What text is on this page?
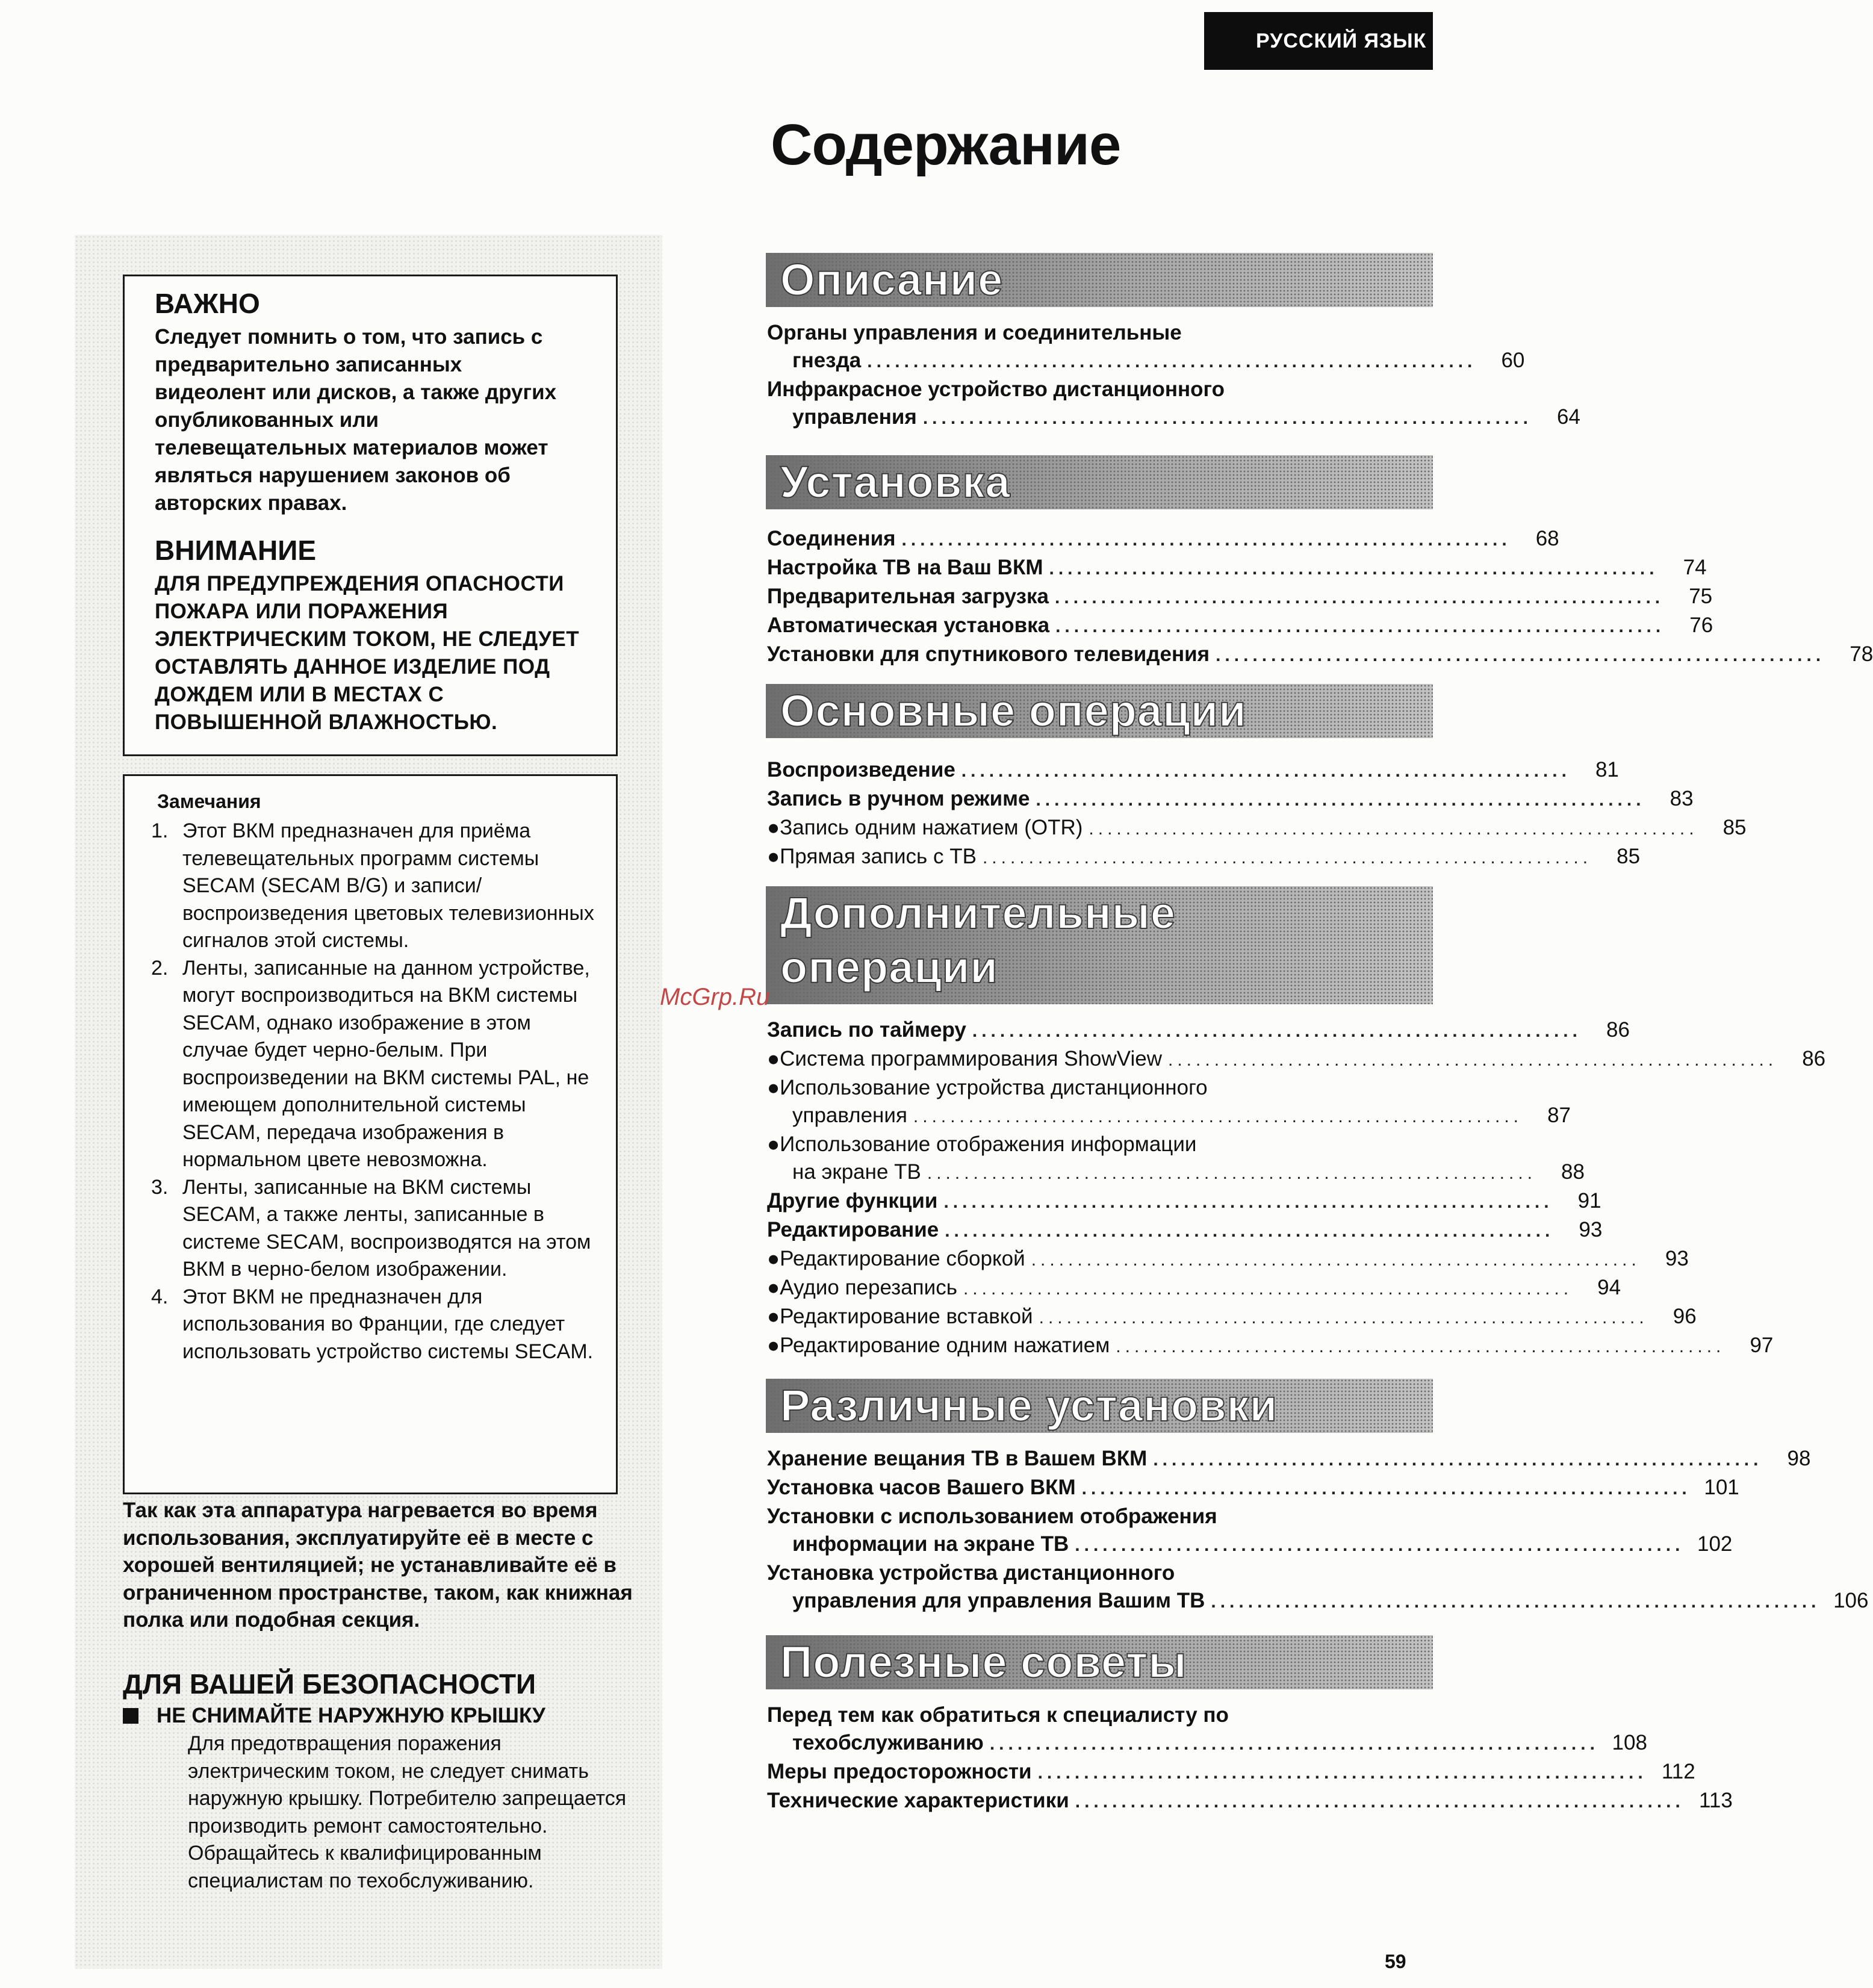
РУССКИЙ ЯЗЫК
Содержание
ВАЖНО

Следует помнить о том, что запись с предварительно записанных видеолент или дисков, а также других опубликованных или телевещательных материалов может являться нарушением законов об авторских правах.

ВНИМАНИЕ

ДЛЯ ПРЕДУПРЕЖДЕНИЯ ОПАСНОСТИ ПОЖАРА ИЛИ ПОРАЖЕНИЯ ЭЛЕКТРИЧЕСКИМ ТОКОМ, НЕ СЛЕДУЕТ ОСТАВЛЯТЬ ДАННОЕ ИЗДЕЛИЕ ПОД ДОЖДЕМ ИЛИ В МЕСТАХ С ПОВЫШЕННОЙ ВЛАЖНОСТЬЮ.

Замечания
1. Этот ВКМ предназначен для приёма телевещательных программ системы SECAM (SECAM B/G) и записи/воспроизведения цветовых телевизионных сигналов этой системы.
2. Ленты, записанные на данном устройстве, могут воспроизводиться на ВКМ системы SECAM, однако изображение в этом случае будет черно-белым. При воспроизведении на ВКМ системы PAL, не имеющем дополнительной системы SECAM, передача изображения в нормальном цвете невозможна.
3. Ленты, записанные на ВКМ системы SECAM, а также ленты, записанные в системе SECAM, воспроизводятся на этом ВКМ в черно-белом изображении.
4. Этот ВКМ не предназначен для использования во Франции, где следует использовать устройство системы SECAM.

Так как эта аппаратура нагревается во время использования, эксплуатируйте её в месте с хорошей вентиляцией; не устанавливайте её в ограниченном пространстве, таком, как книжная полка или подобная секция.

ДЛЯ ВАШЕЙ БЕЗОПАСНОСТИ
НЕ СНИМАЙТЕ НАРУЖНУЮ КРЫШКУ

Для предотвращения поражения электрическим током, не следует снимать наружную крышку. Потребителю запрещается производить ремонт самостоятельно. Обращайтесь к квалифицированным специалистам по техобслуживанию.

Описание
Органы управления и соединительные
гнезда ..................................................................	60
Инфракрасное устройство дистанционного
управления ..................................................................	64
Установка
Соединения ..................................................................	68
Настройка ТВ на Ваш ВКМ ..................................................................	74
Предварительная загрузка ..................................................................	75
Автоматическая установка ..................................................................	76
Установки для спутникового телевидения ..................................................................	78
Основные операции
Воспроизведение ..................................................................	81
Запись в ручном режиме ..................................................................	83
●Запись одним нажатием (OTR) ..................................................................	85
●Прямая запись с ТВ ..................................................................	85
Дополнительные
операции
Запись по таймеру ..................................................................	86
●Система программирования ShowView ..................................................................	86
●Использование устройства дистанционного
управления ..................................................................	87
●Использование отображения информации
на экране ТВ ..................................................................	88
Другие функции ..................................................................	91
Редактирование ..................................................................	93
●Редактирование сборкой ..................................................................	93
●Аудио перезапись ..................................................................	94
●Редактирование вставкой ..................................................................	96
●Редактирование одним нажатием ..................................................................	97
Различные установки
Хранение вещания ТВ в Вашем ВКМ ..................................................................	98
Установка часов Вашего ВКМ .................................................................. 101
Установки с использованием отображения
информации на экране ТВ .................................................................. 102
Установка устройства дистанционного
управления для управления Вашим ТВ .................................................................. 106
Полезные советы
Перед тем как обратиться к специалисту по
техобслуживанию .................................................................. 108
Меры предосторожности .................................................................. 112
Технические характеристики .................................................................. 113
McGrp.Ru
59
